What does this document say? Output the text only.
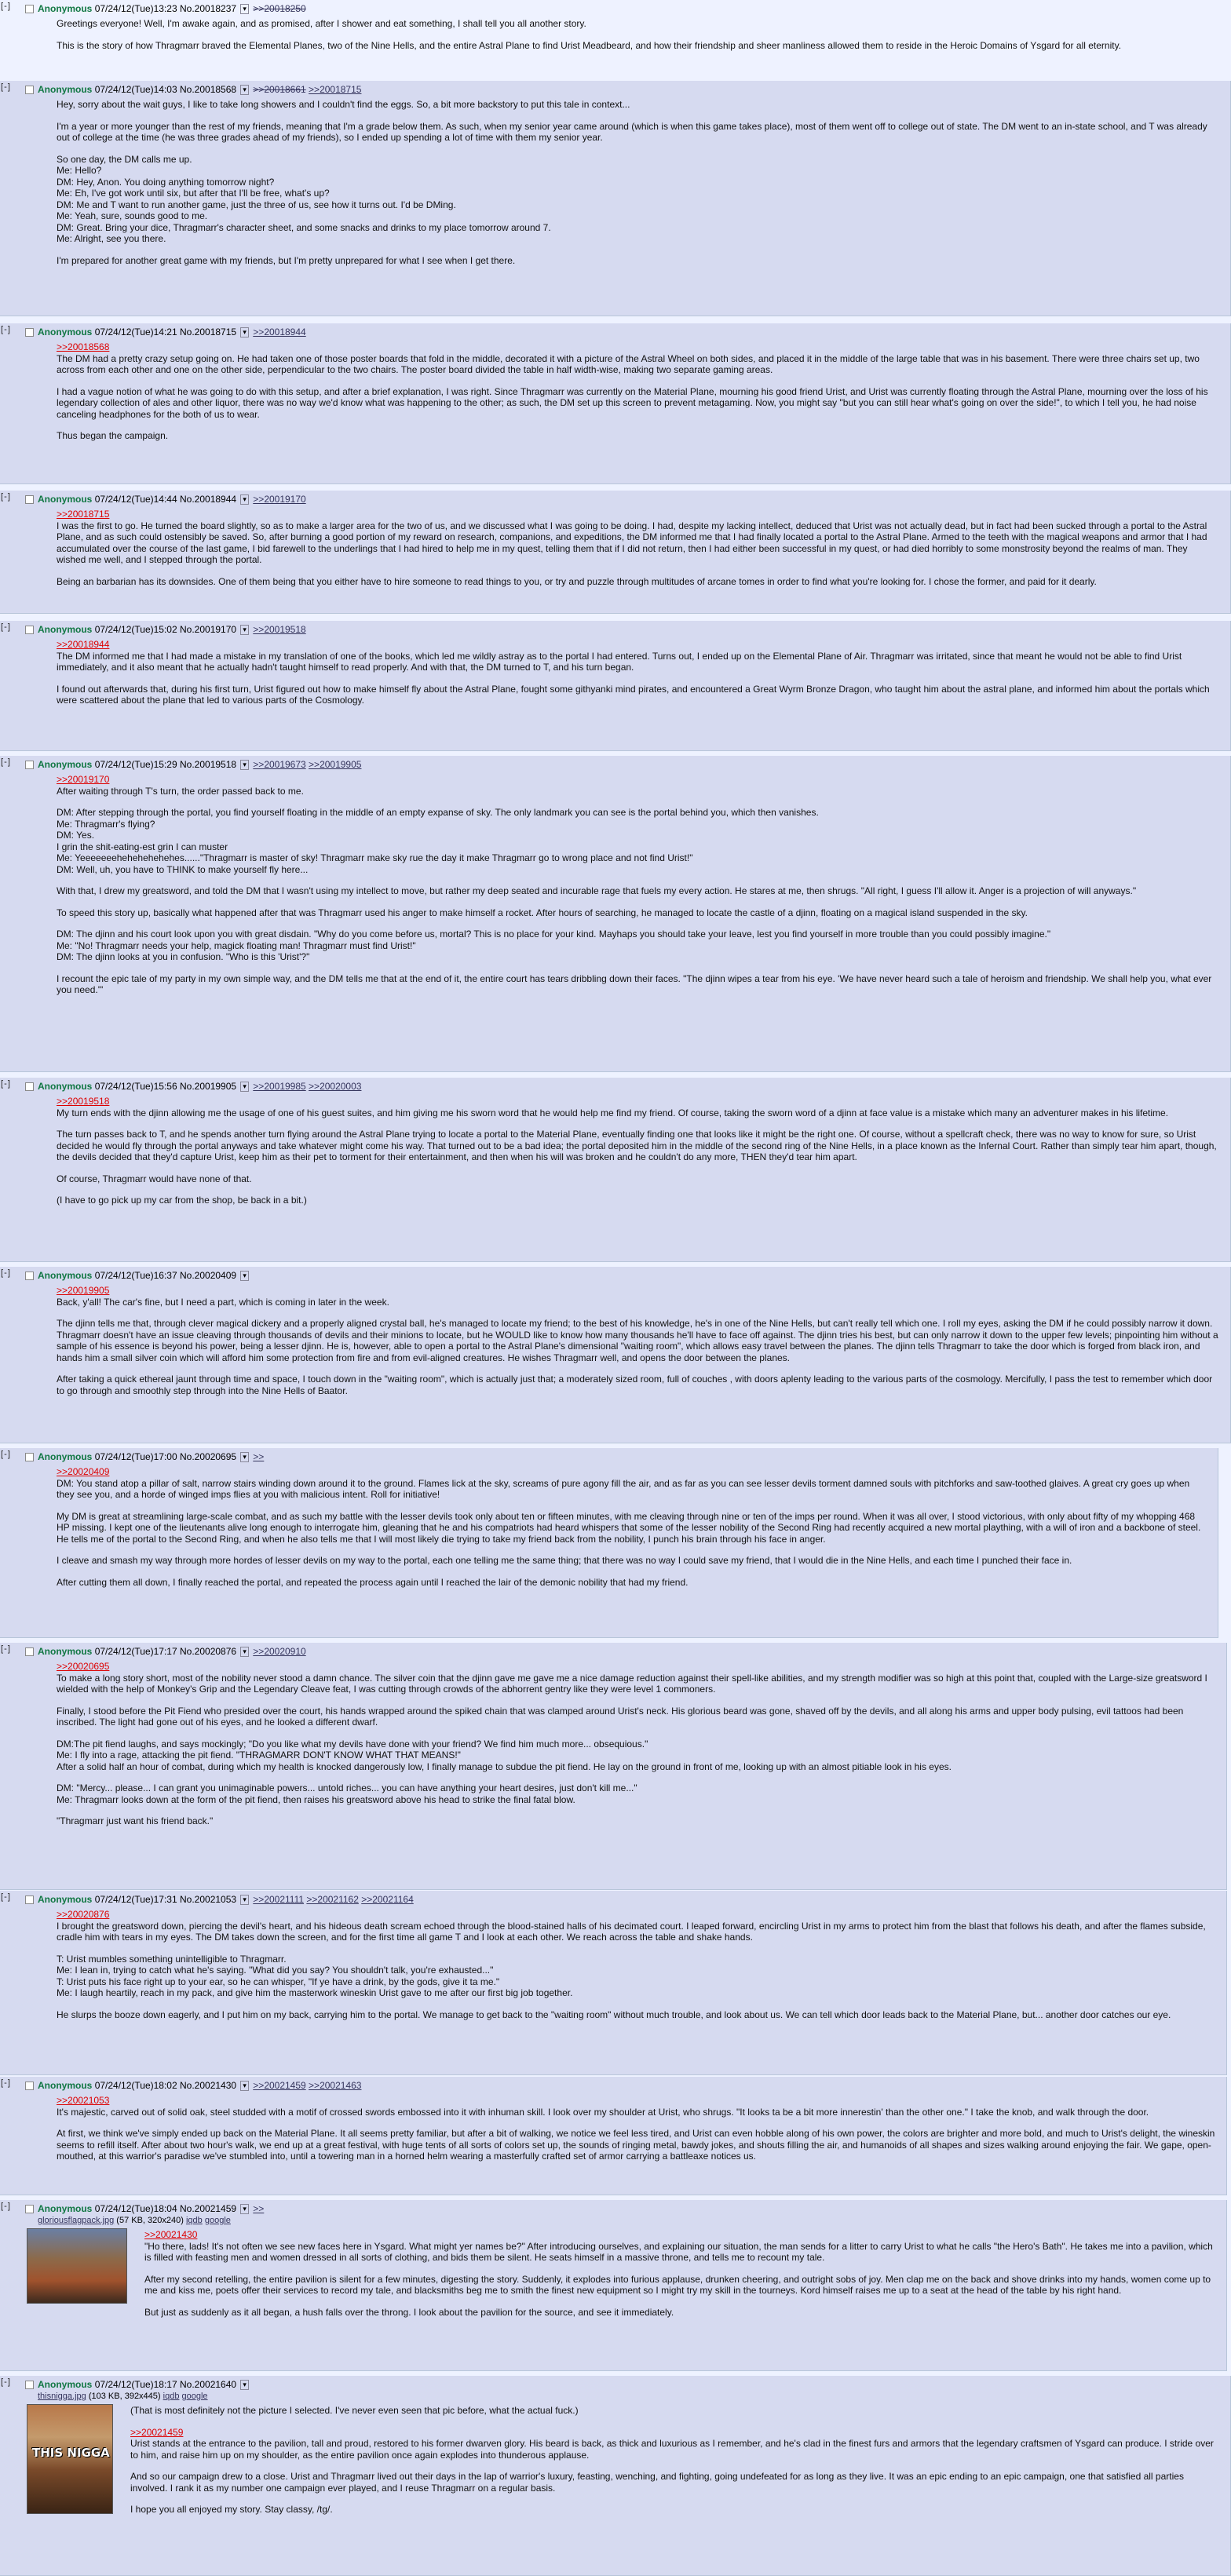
[ - ]	Anonymous 07/24/12(Tue)13:23 No.20018237 ▾ >>20018250

Greetings everyone! Well, I'm awake again, and as promised, after I shower and eat something, I shall tell you all another story.

This is the story of how Thragmarr braved the Elemental Planes, two of the Nine Hells, and the entire Astral Plane to find Urist Meadbeard, and how their friendship and sheer manliness allowed them to reside in the Heroic Domains of Ysgard for all eternity.

[ - ]	Anonymous 07/24/12(Tue)14:03 No.20018568 ▾ >>20018661 >>20018715

Hey, sorry about the wait guys, I like to take long showers and I couldn't find the eggs. So, a bit more backstory to put this tale in context...

I'm a year or more younger than the rest of my friends, meaning that I'm a grade below them. As such, when my senior year came around (which is when this game takes place), most of them went off to college out of state. The DM went to an in-state school, and T was already out of college at the time (he was three grades ahead of my friends), so I ended up spending a lot of time with them my senior year.

So one day, the DM calls me up.

Me: Hello?

DM: Hey, Anon. You doing anything tomorrow night?

Me: Eh, I've got work until six, but after that I'll be free, what's up?

DM: Me and T want to run another game, just the three of us, see how it turns out. I'd be DMing.

Me: Yeah, sure, sounds good to me.

DM: Great. Bring your dice, Thragmarr's character sheet, and some snacks and drinks to my place tomorrow around 7.

Me: Alright, see you there.

I'm prepared for another great game with my friends, but I'm pretty unprepared for what I see when I get there.

[ - ]	Anonymous 07/24/12(Tue)14:21 No.20018715 ▾ >>20018944

>>20018568

The DM had a pretty crazy setup going on. He had taken one of those poster boards that fold in the middle, decorated it with a picture of the Astral Wheel on both sides, and placed it in the middle of the large table that was in his basement. There were three chairs set up, two across from each other and one on the other side, perpendicular to the two chairs. The poster board divided the table in half width-wise, making two separate gaming areas.

I had a vague notion of what he was going to do with this setup, and after a brief explanation, I was right. Since Thragmarr was currently on the Material Plane, mourning his good friend Urist, and Urist was currently floating through the Astral Plane, mourning over the loss of his legendary collection of ales and other liquor, there was no way we'd know what was happening to the other; as such, the DM set up this screen to prevent metagaming. Now, you might say "but you can still hear what's going on over the side!", to which I tell you, he had noise canceling headphones for the both of us to wear.

Thus began the campaign.

[ - ]	Anonymous 07/24/12(Tue)14:44 No.20018944 ▾ >>20019170

>>20018715

I was the first to go. He turned the board slightly, so as to make a larger area for the two of us, and we discussed what I was going to be doing. I had, despite my lacking intellect, deduced that Urist was not actually dead, but in fact had been sucked through a portal to the Astral Plane, and as such could ostensibly be saved. So, after burning a good portion of my reward on research, companions, and expeditions, the DM informed me that I had finally located a portal to the Astral Plane. Armed to the teeth with the magical weapons and armor that I had accumulated over the course of the last game, I bid farewell to the underlings that I had hired to help me in my quest, telling them that if I did not return, then I had either been successful in my quest, or had died horribly to some monstrosity beyond the realms of man. They wished me well, and I stepped through the portal.

Being an barbarian has its downsides. One of them being that you either have to hire someone to read things to you, or try and puzzle through multitudes of arcane tomes in order to find what you're looking for. I chose the former, and paid for it dearly.

[ - ]	Anonymous 07/24/12(Tue)15:02 No.20019170 ▾ >>20019518

>>20018944

The DM informed me that I had made a mistake in my translation of one of the books, which led me wildly astray as to the portal I had entered. Turns out, I ended up on the Elemental Plane of Air. Thragmarr was irritated, since that meant he would not be able to find Urist immediately, and it also meant that he actually hadn't taught himself to read properly. And with that, the DM turned to T, and his turn began.

I found out afterwards that, during his first turn, Urist figured out how to make himself fly about the Astral Plane, fought some githyanki mind pirates, and encountered a Great Wyrm Bronze Dragon, who taught him about the astral plane, and informed him about the portals which were scattered about the plane that led to various parts of the Cosmology.

[ - ]	Anonymous 07/24/12(Tue)15:29 No.20019518 ▾ >>20019673 >>20019905

>>20019170

After waiting through T's turn, the order passed back to me.

DM: After stepping through the portal, you find yourself floating in the middle of an empty expanse of sky. The only landmark you can see is the portal behind you, which then vanishes.

Me: Thragmarr's flying?

DM: Yes.

I grin the shit-eating-est grin I can muster

Me: Yeeeeeeehehehehehehes......"Thragmarr is master of sky! Thragmarr make sky rue the day it make Thragmarr go to wrong place and not find Urist!"

DM: Well, uh, you have to THINK to make yourself fly here...

With that, I drew my greatsword, and told the DM that I wasn't using my intellect to move, but rather my deep seated and incurable rage that fuels my every action. He stares at me, then shrugs. "All right, I guess I'll allow it. Anger is a projection of will anyways."

To speed this story up, basically what happened after that was Thragmarr used his anger to make himself a rocket. After hours of searching, he managed to locate the castle of a djinn, floating on a magical island suspended in the sky.

DM: The djinn and his court look upon you with great disdain. "Why do you come before us, mortal? This is no place for your kind. Mayhaps you should take your leave, lest you find yourself in more trouble than you could possibly imagine."

Me: "No! Thragmarr needs your help, magick floating man! Thragmarr must find Urist!"

DM: The djinn looks at you in confusion. "Who is this 'Urist'?"

I recount the epic tale of my party in my own simple way, and the DM tells me that at the end of it, the entire court has tears dribbling down their faces. "The djinn wipes a tear from his eye. 'We have never heard such a tale of heroism and friendship. We shall help you, what ever you need.'"

[ - ]	Anonymous 07/24/12(Tue)15:56 No.20019905 ▾ >>20019985 >>20020003

>>20019518

My turn ends with the djinn allowing me the usage of one of his guest suites, and him giving me his sworn word that he would help me find my friend. Of course, taking the sworn word of a djinn at face value is a mistake which many an adventurer makes in his lifetime.

The turn passes back to T, and he spends another turn flying around the Astral Plane trying to locate a portal to the Material Plane, eventually finding one that looks like it might be the right one. Of course, without a spellcraft check, there was no way to know for sure, so Urist decided he would fly through the portal anyways and take whatever might come his way. That turned out to be a bad idea; the portal deposited him in the middle of the second ring of the Nine Hells, in a place known as the Infernal Court. Rather than simply tear him apart, though, the devils decided that they'd capture Urist, keep him as their pet to torment for their entertainment, and then when his will was broken and he couldn't do any more, THEN they'd tear him apart.

Of course, Thragmarr would have none of that.

(I have to go pick up my car from the shop, be back in a bit.)

[ - ]	Anonymous 07/24/12(Tue)16:37 No.20020409 ▾

>>20019905

Back, y'all! The car's fine, but I need a part, which is coming in later in the week.

The djinn tells me that, through clever magical dickery and a properly aligned crystal ball, he's managed to locate my friend; to the best of his knowledge, he's in one of the Nine Hells, but can't really tell which one. I roll my eyes, asking the DM if he could possibly narrow it down. Thragmarr doesn't have an issue cleaving through thousands of devils and their minions to locate, but he WOULD like to know how many thousands he'll have to face off against. The djinn tries his best, but can only narrow it down to the upper few levels; pinpointing him without a sample of his essence is beyond his power, being a lesser djinn. He is, however, able to open a portal to the Astral Plane's dimensional "waiting room", which allows easy travel between the planes. The djinn tells Thragmarr to take the door which is forged from black iron, and hands him a small silver coin which will afford him some protection from fire and from evil-aligned creatures. He wishes Thragmarr well, and opens the door between the planes.

After taking a quick ethereal jaunt through time and space, I touch down in the "waiting room", which is actually just that; a moderately sized room, full of couches , with doors aplenty leading to the various parts of the cosmology. Mercifully, I pass the test to remember which door to go through and smoothly step through into the Nine Hells of Baator.

[ - ]	Anonymous 07/24/12(Tue)17:00 No.20020695 ▾ >>

>>20020409

DM: You stand atop a pillar of salt, narrow stairs winding down around it to the ground. Flames lick at the sky, screams of pure agony fill the air, and as far as you can see lesser devils torment damned souls with pitchforks and saw-toothed glaives. A great cry goes up when they see you, and a horde of winged imps flies at you with malicious intent. Roll for initiative!

My DM is great at streamlining large-scale combat, and as such my battle with the lesser devils took only about ten or fifteen minutes, with me cleaving through nine or ten of the imps per round. When it was all over, I stood victorious, with only about fifty of my whopping 468 HP missing. I kept one of the lieutenants alive long enough to interrogate him, gleaning that he and his compatriots had heard whispers that some of the lesser nobility of the Second Ring had recently acquired a new mortal plaything, with a will of iron and a backbone of steel. He tells me of the portal to the Second Ring, and when he also tells me that I will most likely die trying to take my friend back from the nobility, I punch his brain through his face in anger.

I cleave and smash my way through more hordes of lesser devils on my way to the portal, each one telling me the same thing; that there was no way I could save my friend, that I would die in the Nine Hells, and each time I punched their face in.

After cutting them all down, I finally reached the portal, and repeated the process again until I reached the lair of the demonic nobility that had my friend.

[ - ]	Anonymous 07/24/12(Tue)17:17 No.20020876 ▾ >>20020910

>>20020695

To make a long story short, most of the nobility never stood a damn chance. The silver coin that the djinn gave me gave me a nice damage reduction against their spell-like abilities, and my strength modifier was so high at this point that, coupled with the Large-size greatsword I wielded with the help of Monkey's Grip and the Legendary Cleave feat, I was cutting through crowds of the abhorrent gentry like they were level 1 commoners.

Finally, I stood before the Pit Fiend who presided over the court, his hands wrapped around the spiked chain that was clamped around Urist's neck. His glorious beard was gone, shaved off by the devils, and all along his arms and upper body pulsing, evil tattoos had been inscribed. The light had gone out of his eyes, and he looked a different dwarf.

DM:The pit fiend laughs, and says mockingly; "Do you like what my devils have done with your friend? We find him much more... obsequious."

Me: I fly into a rage, attacking the pit fiend. "THRAGMARR DON'T KNOW WHAT THAT MEANS!"

After a solid half an hour of combat, during which my health is knocked dangerously low, I finally manage to subdue the pit fiend. He lay on the ground in front of me, looking up with an almost pitiable look in his eyes.

DM: "Mercy... please... I can grant you unimaginable powers... untold riches... you can have anything your heart desires, just don't kill me..."

Me: Thragmarr looks down at the form of the pit fiend, then raises his greatsword above his head to strike the final fatal blow.

"Thragmarr just want his friend back."

[ - ]	Anonymous 07/24/12(Tue)17:31 No.20021053 ▾ >>20021111 >>20021162 >>20021164

>>20020876

I brought the greatsword down, piercing the devil's heart, and his hideous death scream echoed through the blood-stained halls of his decimated court. I leaped forward, encircling Urist in my arms to protect him from the blast that follows his death, and after the flames subside, cradle him with tears in my eyes. The DM takes down the screen, and for the first time all game T and I look at each other. We reach across the table and shake hands.

T: Urist mumbles something unintelligible to Thragmarr.

Me: I lean in, trying to catch what he's saying. "What did you say? You shouldn't talk, you're exhausted..."

T: Urist puts his face right up to your ear, so he can whisper, "If ye have a drink, by the gods, give it ta me."

Me: I laugh heartily, reach in my pack, and give him the masterwork wineskin Urist gave to me after our first big job together.

He slurps the booze down eagerly, and I put him on my back, carrying him to the portal. We manage to get back to the "waiting room" without much trouble, and look about us. We can tell which door leads back to the Material Plane, but... another door catches our eye.

[ - ]	Anonymous 07/24/12(Tue)18:02 No.20021430 ▾ >>20021459 >>20021463

>>20021053

It's majestic, carved out of solid oak, steel studded with a motif of crossed swords embossed into it with inhuman skill. I look over my shoulder at Urist, who shrugs. "It looks ta be a bit more innerestin' than the other one." I take the knob, and walk through the door.

At first, we think we've simply ended up back on the Material Plane. It all seems pretty familiar, but after a bit of walking, we notice we feel less tired, and Urist can even hobble along of his own power, the colors are brighter and more bold, and much to Urist's delight, the wineskin seems to refill itself. After about two hour's walk, we end up at a great festival, with huge tents of all sorts of colors set up, the sounds of ringing metal, bawdy jokes, and shouts filling the air, and humanoids of all shapes and sizes walking around enjoying the fair. We gape, open-mouthed, at this warrior's paradise we've stumbled into, until a towering man in a horned helm wearing a masterfully crafted set of armor carrying a battleaxe notices us.

[ - ]	Anonymous 07/24/12(Tue)18:04 No.20021459 ▾ >>
gloriousflagpack.jpg (57 KB, 320x240) iqdb google

>>20021430

"Ho there, lads! It's not often we see new faces here in Ysgard. What might yer names be?" After introducing ourselves, and explaining our situation, the man sends for a litter to carry Urist to what he calls "the Hero's Bath". He takes me into a pavilion, which is filled with feasting men and women dressed in all sorts of clothing, and bids them be silent. He seats himself in a massive throne, and tells me to recount my tale.

After my second retelling, the entire pavilion is silent for a few minutes, digesting the story. Suddenly, it explodes into furious applause, drunken cheering, and outright sobs of joy. Men clap me on the back and shove drinks into my hands, women come up to me and kiss me, poets offer their services to record my tale, and blacksmiths beg me to smith the finest new equipment so I might try my skill in the tourneys. Kord himself raises me up to a seat at the head of the table by his right hand.

But just as suddenly as it all began, a hush falls over the throng. I look about the pavilion for the source, and see it immediately.

[ - ]	Anonymous 07/24/12(Tue)18:17 No.20021640 ▾
thisnigga.jpg (103 KB, 392x445) iqdb google
THIS NIGGA

(That is most definitely not the picture I selected. I've never even seen that pic before, what the actual fuck.)

>>20021459

Urist stands at the entrance to the pavilion, tall and proud, restored to his former dwarven glory. His beard is back, as thick and luxurious as I remember, and he's clad in the finest furs and armors that the legendary craftsmen of Ysgard can produce. I stride over to him, and raise him up on my shoulder, as the entire pavilion once again explodes into thunderous applause.

And so our campaign drew to a close. Urist and Thragmarr lived out their days in the lap of warrior's luxury, feasting, wenching, and fighting, going undefeated for as long as they live. It was an epic ending to an epic campaign, one that satisfied all parties involved. I rank it as my number one campaign ever played, and I reuse Thragmarr on a regular basis.

I hope you all enjoyed my story. Stay classy, /tg/.
